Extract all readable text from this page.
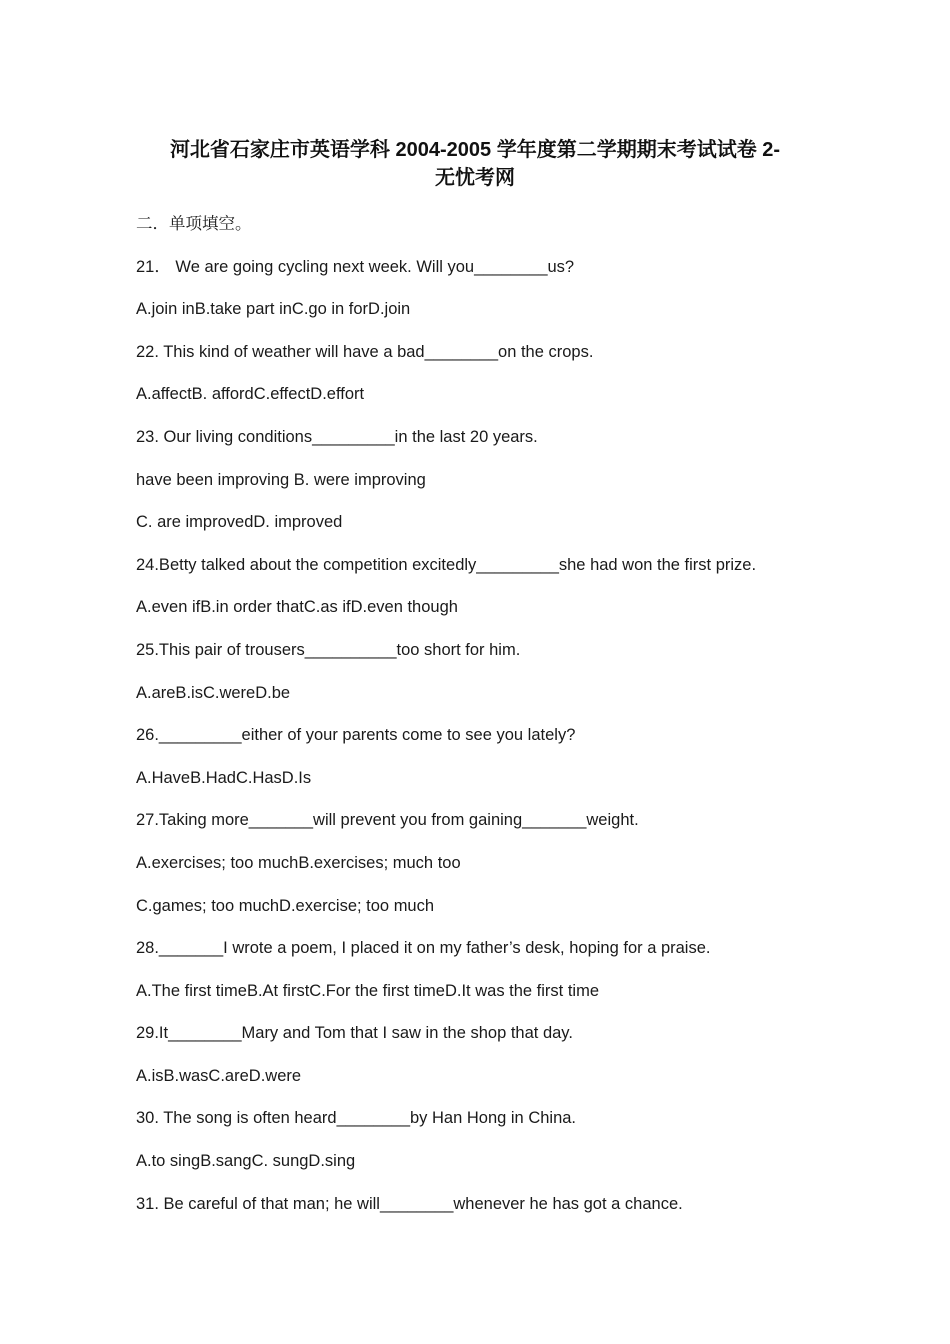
河北省石家庄市英语学科 2004-2005 学年度第二学期期末考试试卷 2-
无忧考网
二．单项填空。
21． We are going cycling next week. Will you________us?
A.join inB.take part inC.go in forD.join
22. This kind of weather will have a bad________on the crops.
A.affectB. affordC.effectD.effort
23. Our living conditions_________in the last 20 years.
have been improving B. were improving
C. are improvedD. improved
24.Betty talked about the competition excitedly_________she had won the first prize.
A.even ifB.in order thatC.as ifD.even though
25.This pair of trousers__________too short for him.
A.areB.isC.wereD.be
26._________either of your parents come to see you lately?
A.HaveB.HadC.HasD.Is
27.Taking more_______will prevent you from gaining_______weight.
A.exercises; too muchB.exercises; much too
C.games; too muchD.exercise; too much
28._______I wrote a poem, I placed it on my father’s desk, hoping for a praise.
A.The first timeB.At firstC.For the first timeD.It was the first time
29.It________Mary and Tom that I saw in the shop that day.
A.isB.wasC.areD.were
30. The song is often heard________by Han Hong in China.
A.to singB.sangC. sungD.sing
31. Be careful of that man; he will________whenever he has got a chance.
